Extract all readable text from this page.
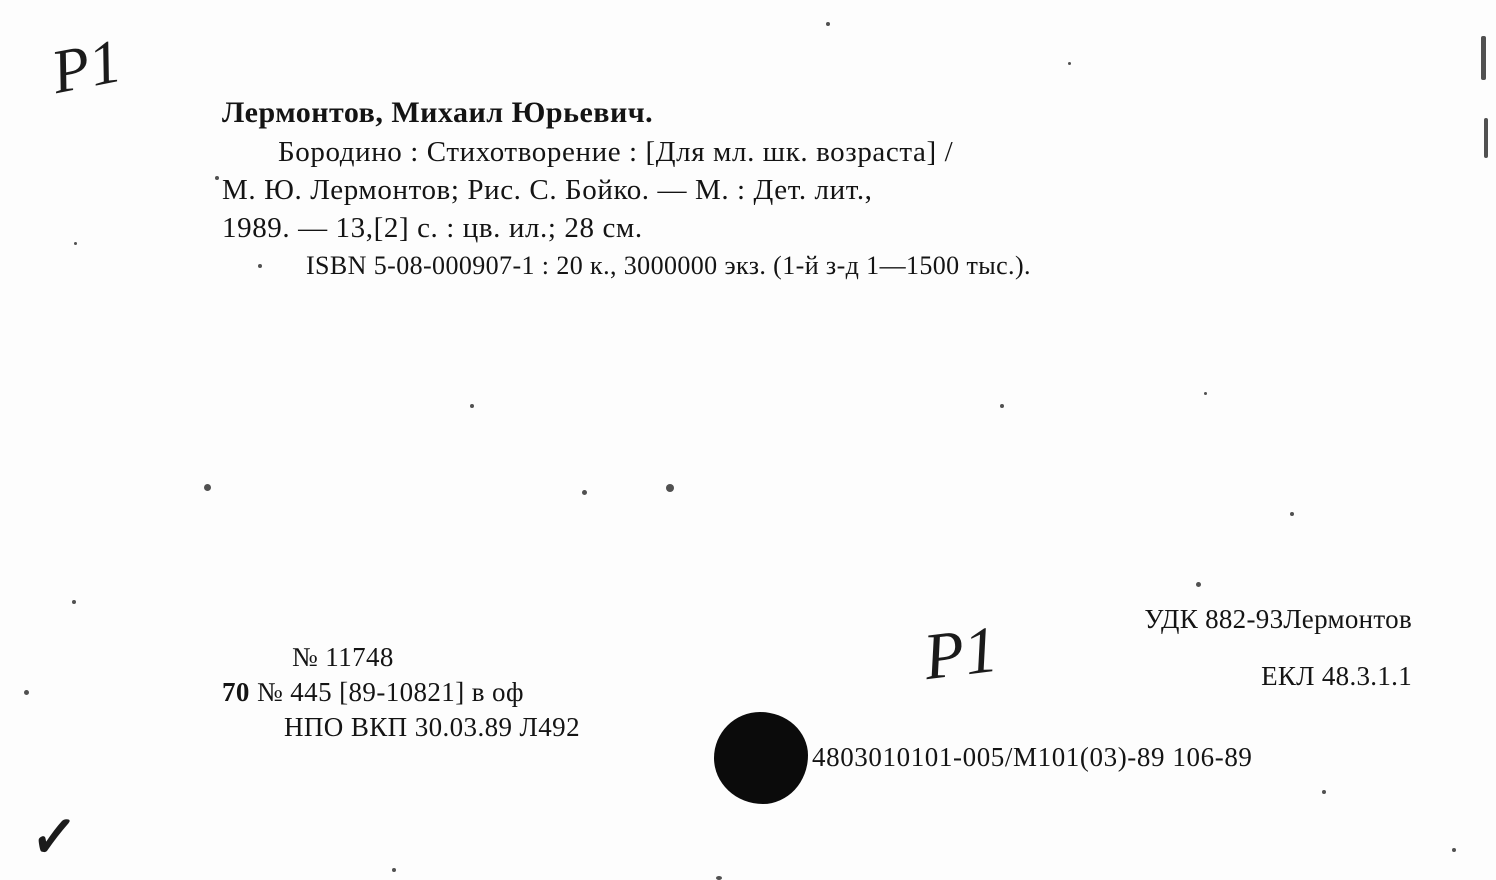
Лермонтов, Михаил Юрьевич.
Бородино : Стихотворение : [Для мл. шк. возраста] /
М. Ю. Лермонтов; Рис. С. Бойко. — М. : Дет. лит.,
1989. — 13,[2] с. : цв. ил.; 28 см.
ISBN 5-08-000907-1 : 20 к., 3000000 экз. (1-й з-д 1—1500 тыс.).
№ 11748
70 № 445 [89-10821] в оф
НПО ВКП 30.03.89 Л492
УДК 882-93Лермонтов
ЕКЛ 48.3.1.1
4803010101-005/М101(03)-89 106-89
Р1
Р1
✓
